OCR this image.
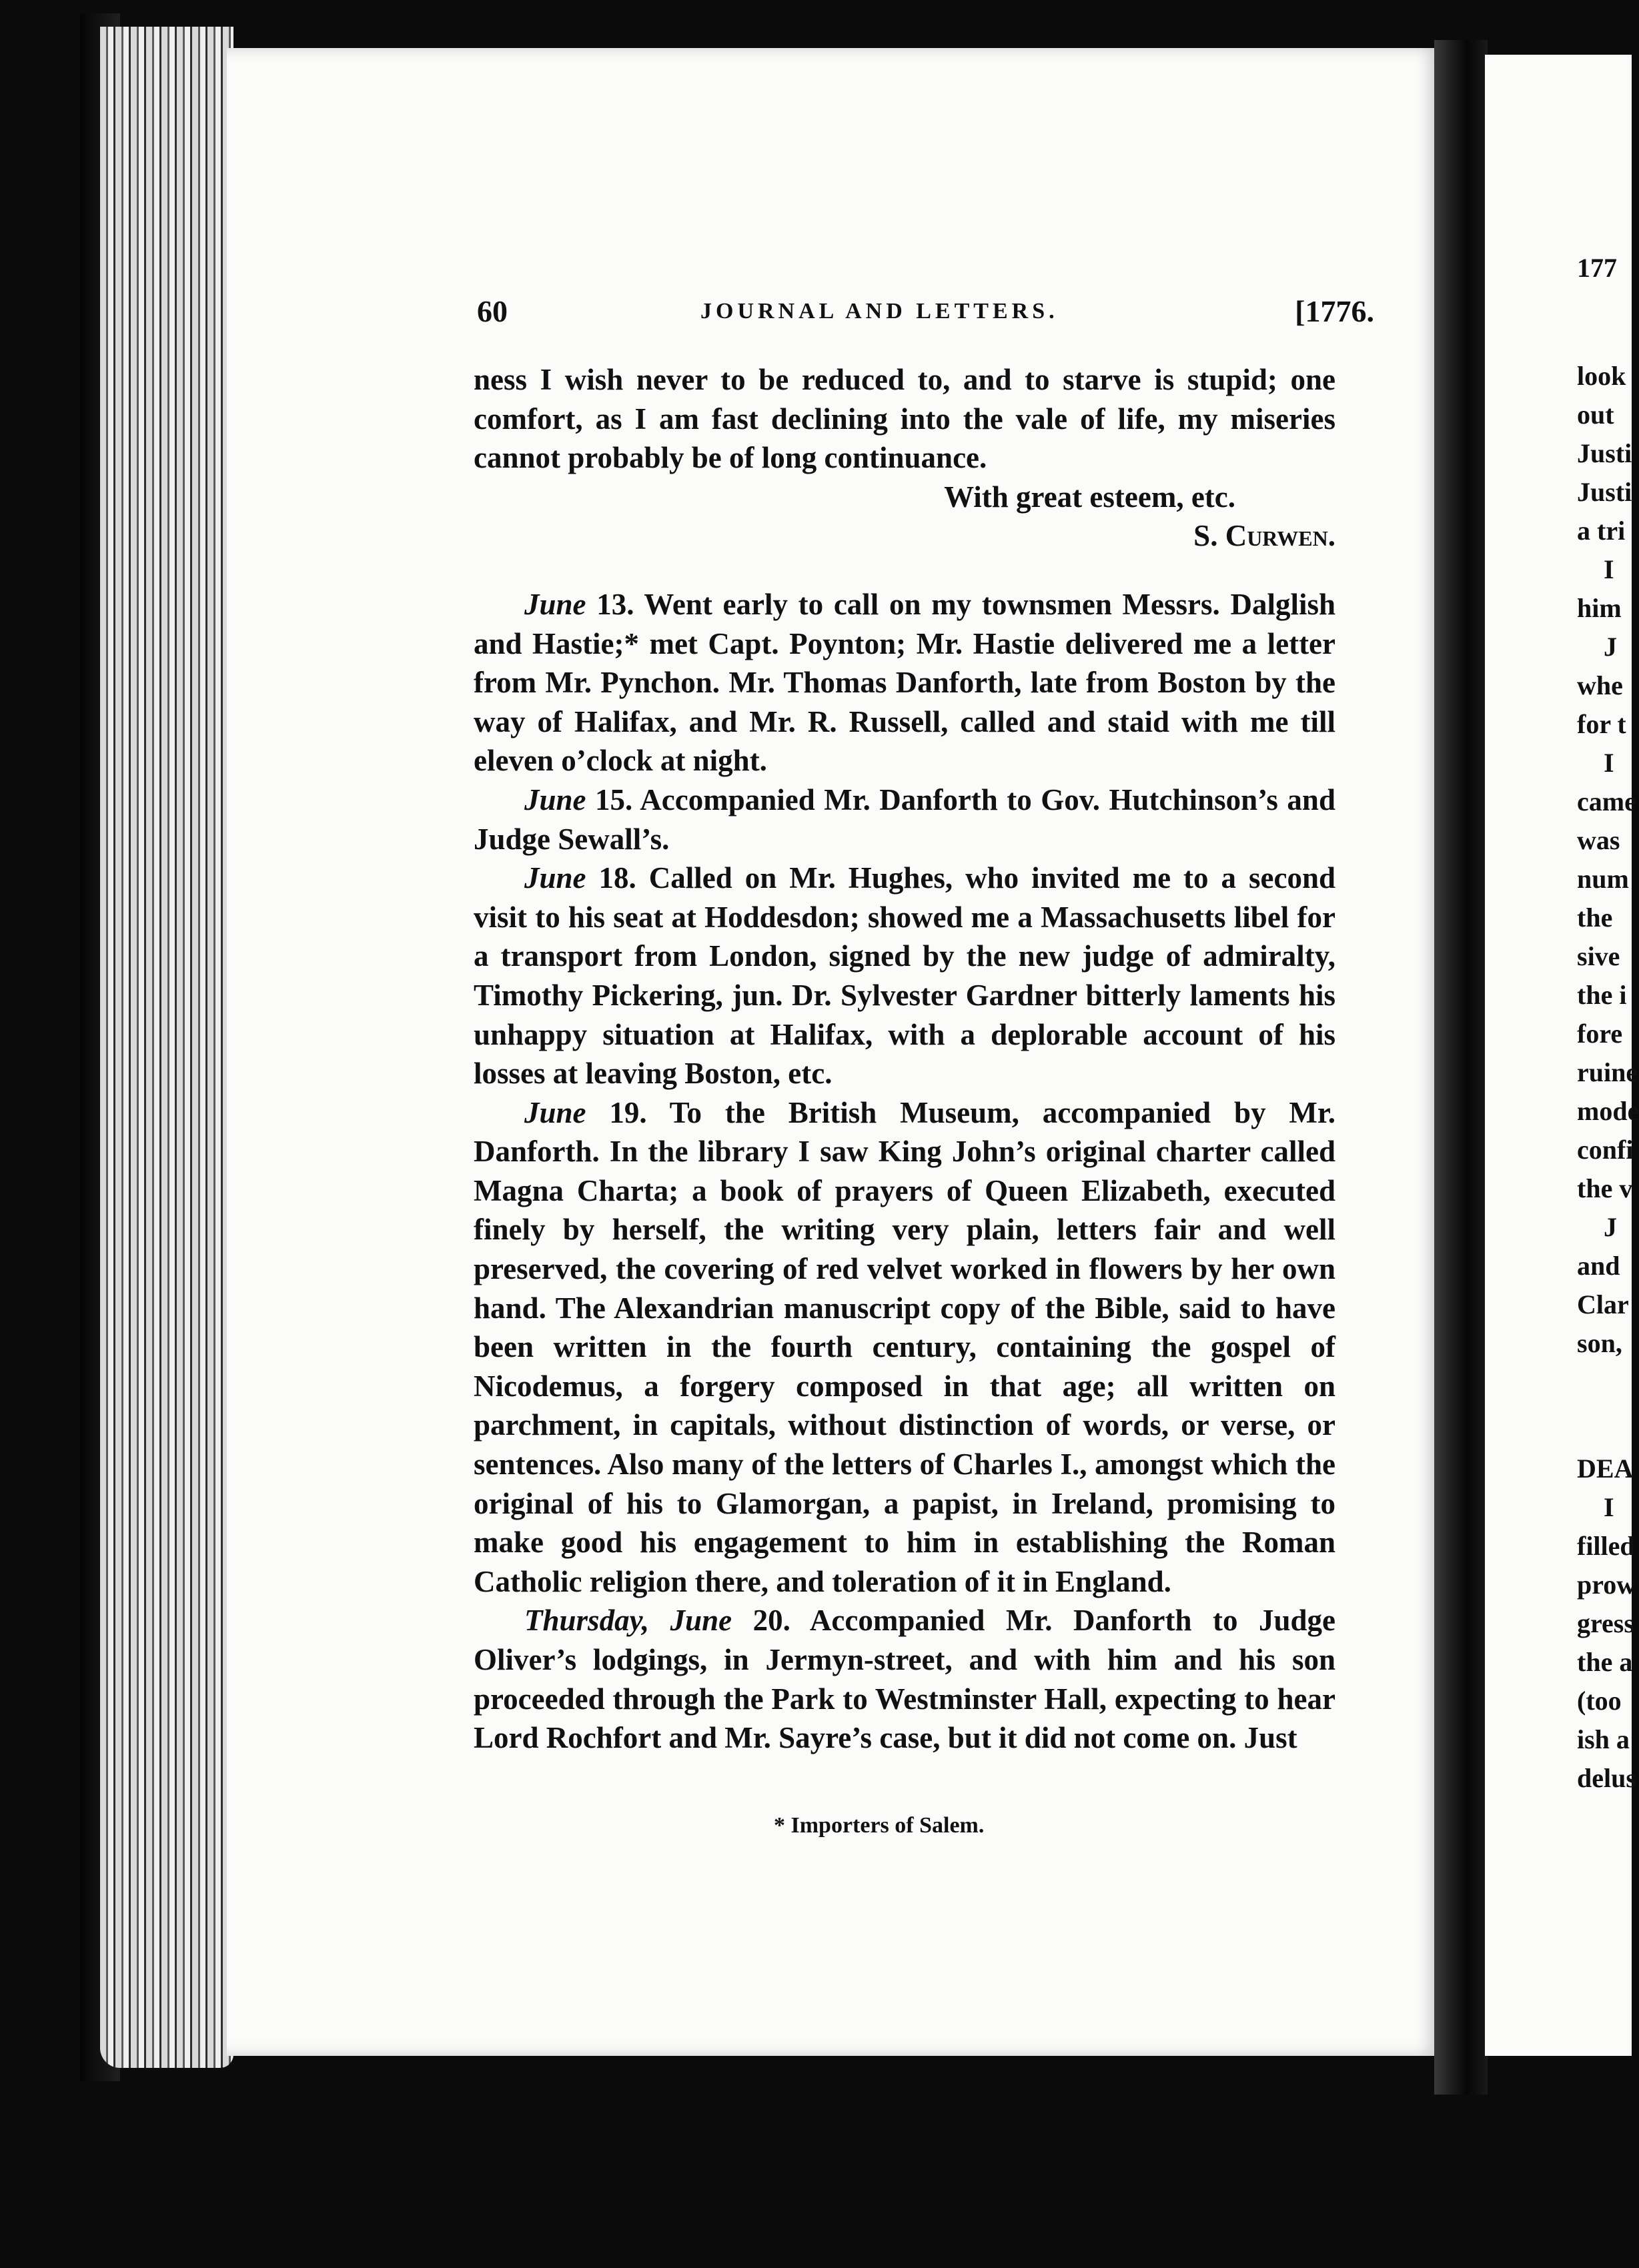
177
look
out
Justi
Justi
a tri
I
him
J
whe
for t
I
came
was
num
the
sive
the i
fore
ruine
mode
confi
the v
J
and
Clar
son,
DEA
I
filled
prow
gress
the a
(too
ish a
delus
60	JOURNAL AND LETTERS.	[1776.

ness I wish never to be reduced to, and to starve is stupid; one comfort, as I am fast declining into the vale of life, my miseries cannot probably be of long continuance.

With great esteem, etc.

S. Curwen.

June 13. Went early to call on my townsmen Messrs. Dalglish and Hastie;* met Capt. Poynton; Mr. Hastie delivered me a letter from Mr. Pynchon. Mr. Thomas Danforth, late from Boston by the way of Halifax, and Mr. R. Russell, called and staid with me till eleven o’clock at night.

June 15. Accompanied Mr. Danforth to Gov. Hutchinson’s and Judge Sewall’s.

June 18. Called on Mr. Hughes, who invited me to a second visit to his seat at Hoddesdon; showed me a Massachusetts libel for a transport from London, signed by the new judge of admiralty, Timothy Pickering, jun. Dr. Sylvester Gardner bitterly laments his unhappy situation at Halifax, with a deplorable account of his losses at leaving Boston, etc.

June 19. To the British Museum, accompanied by Mr. Danforth. In the library I saw King John’s original charter called Magna Charta; a book of prayers of Queen Elizabeth, executed finely by herself, the writing very plain, letters fair and well preserved, the covering of red velvet worked in flowers by her own hand. The Alexandrian manuscript copy of the Bible, said to have been written in the fourth century, containing the gospel of Nicodemus, a forgery composed in that age; all written on parchment, in capitals, without distinction of words, or verse, or sentences. Also many of the letters of Charles I., amongst which the original of his to Glamorgan, a papist, in Ireland, promising to make good his engagement to him in establishing the Roman Catholic religion there, and toleration of it in England.

Thursday, June 20. Accompanied Mr. Danforth to Judge Oliver’s lodgings, in Jermyn-street, and with him and his son proceeded through the Park to Westminster Hall, expecting to hear Lord Rochfort and Mr. Sayre’s case, but it did not come on. Just

* Importers of Salem.
